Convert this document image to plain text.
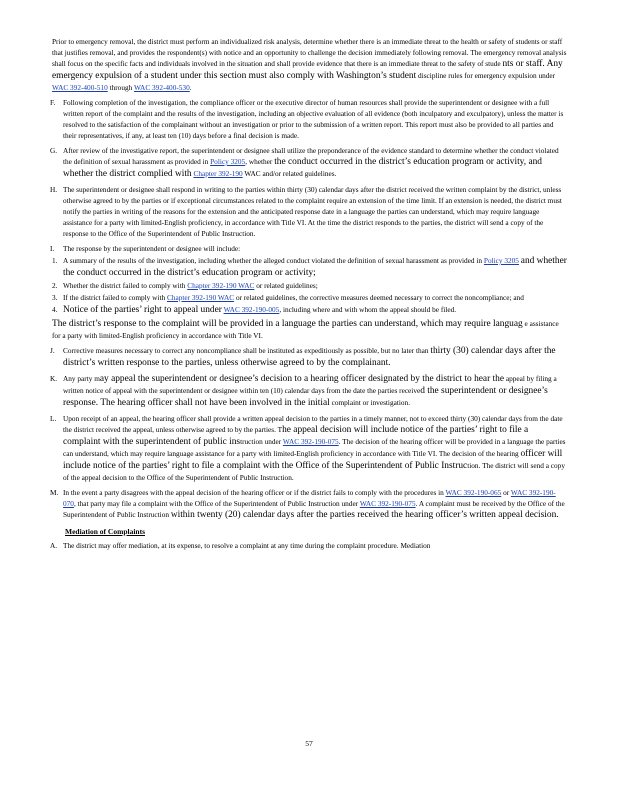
Prior to emergency removal, the district must perform an individualized risk analysis, determine whether there is an immediate threat to the health or safety of students or staff that justifies removal, and provides the respondent(s) with notice and an opportunity to challenge the decision immediately following removal. The emergency removal analysis shall focus on the specific facts and individuals involved in the situation and shall provide evidence that there is an immediate threat to the safety of stude nts or staff. Any emergency expulsion of a student under this section must also comply with Washington’s student discipline rules for emergency expulsion under WAC 392-400-510 through WAC 392-400-530.
F.	Following completion of the investigation, the compliance officer or the executive director of human resources shall provide the superintendent or designee with a full written report of the complaint and the results of the investigation, including an objective evaluation of all evidence (both inculpatory and exculpatory), unless the matter is resolved to the satisfaction of the complainant without an investigation or prior to the submission of a written report. This report must also be provided to all parties and their representatives, if any, at least ten (10) days before a final decision is made.
G. After review of the investigative report, the superintendent or designee shall utilize the preponderance of the evidence standard to determine whether the conduct violated the definition of sexual harassment as provided in Policy 3205, whether the conduct occurred in the district’s education program or activity, and whether the district complied with Chapter 392-190 WAC and/or related guidelines.
H. The superintendent or designee shall respond in writing to the parties within thirty (30) calendar days after the district received the written complaint by the district, unless otherwise agreed to by the parties or if exceptional circumstances related to the complaint require an extension of the time limit. If an extension is needed, the district must notify the parties in writing of the reasons for the extension and the anticipated response date in a language the parties can understand, which may require language assistance for a party with limited-English proficiency, in accordance with Title VI. At the time the district responds to the parties, the district will send a copy of the response to the Office of the Superintendent of Public Instruction.
I.	The response by the superintendent or designee will include:
1. A summary of the results of the investigation, including whether the alleged conduct violated the definition of sexual harassment as provided in Policy 3205 and whether the conduct occurred in the district’s education program or activity;
2. Whether the district failed to comply with Chapter 392-190 WAC or related guidelines;
3. If the district failed to comply with Chapter 392-190 WAC or related guidelines, the corrective measures deemed necessary to correct the noncompliance; and
4. Notice of the parties’ right to appeal under WAC 392-190-005, including where and with whom the appeal should be filed.
The district’s response to the complaint will be provided in a language the parties can understand, which may require languag e assistance for a party with limited-English proficiency in accordance with Title VI.
J.	Corrective measures necessary to correct any noncompliance shall be instituted as expeditiously as possible, but no later than thirty (30) calendar days after the district’s written response to the parties, unless otherwise agreed to by the complainant.
K. Any party may appeal the superintendent or designee’s decision to a hearing officer designated by the district to hear the appeal by filing a written notice of appeal with the superintendent or designee within ten (10) calendar days from the date the parties received the superintendent or designee’s response. The hearing officer shall not have been involved in the initial complaint or investigation.
L. Upon receipt of an appeal, the hearing officer shall provide a written appeal decision to the parties in a timely manner, not to exceed thirty (30) calendar days from the date the district received the appeal, unless otherwise agreed to by the parties. The appeal decision will include notice of the parties’ right to file a complaint with the superintendent of public instruction under WAC 392-190-075. The decision of the hearing officer will be provided in a language the parties can understand, which may require language assistance for a party with limited-English proficiency in accordance with Title VI. The decision of the hearing officer will include notice of the parties’ right to file a complaint with the Office of the Superintendent of Public Instruction. The district will send a copy of the appeal decision to the Office of the Superintendent of Public Instruction.
M. In the event a party disagrees with the appeal decision of the hearing officer or if the district fails to comply with the procedures in WAC 392-190-065 or WAC 392-190-070, that party may file a complaint with the Office of the Superintendent of Public Instruction under WAC 392-190-075. A complaint must be received by the Office of the Superintendent of Public Instruction within twenty (20) calendar days after the parties received the hearing officer’s written appeal decision.
Mediation of Complaints
A. The district may offer mediation, at its expense, to resolve a complaint at any time during the complaint procedure. Mediation
57
